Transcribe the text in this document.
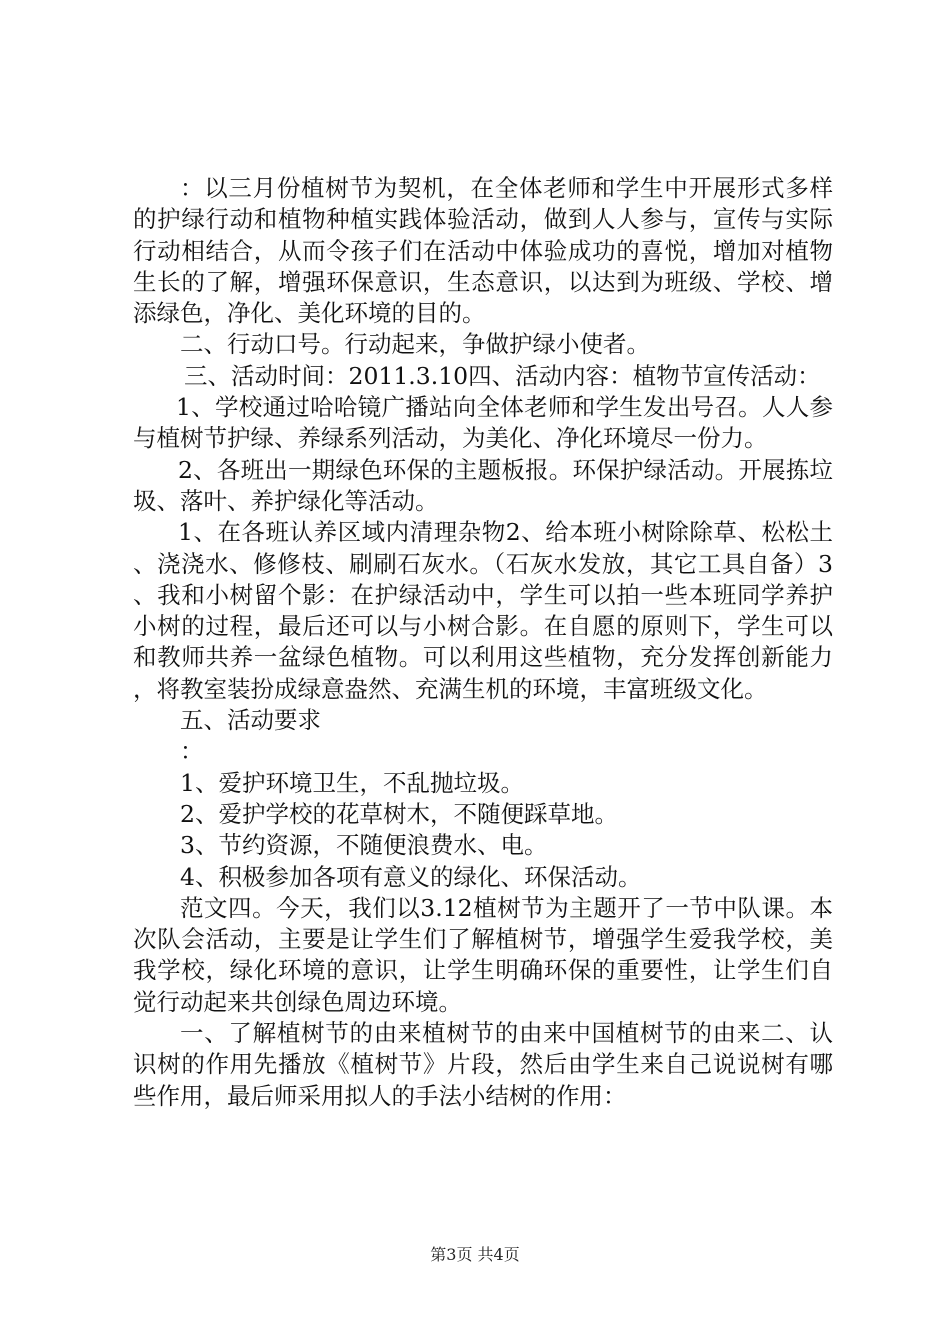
：以三月份植树节为契机，在全体老师和学生中开展形式多样的护绿行动和植物种植实践体验活动，做到人人参与，宣传与实际行动相结合，从而令孩子们在活动中体验成功的喜悦，增加对植物生长的了解，增强环保意识，生态意识，以达到为班级、学校、增添绿色，净化、美化环境的目的。

二、行动口号。行动起来，争做护绿小使者。

三、活动时间：2011.3.10四、活动内容：植物节宣传活动：

1、学校通过哈哈镜广播站向全体老师和学生发出号召。人人参与植树节护绿、养绿系列活动，为美化、净化环境尽一份力。

2、各班出一期绿色环保的主题板报。环保护绿活动。开展拣垃圾、落叶、养护绿化等活动。

1、在各班认养区域内清理杂物2、给本班小树除除草、松松土、浇浇水、修修枝、刷刷石灰水。（石灰水发放，其它工具自备）3、我和小树留个影：在护绿活动中，学生可以拍一些本班同学养护小树的过程，最后还可以与小树合影。在自愿的原则下，学生可以和教师共养一盆绿色植物。可以利用这些植物，充分发挥创新能力，将教室装扮成绿意盎然、充满生机的环境，丰富班级文化。

五、活动要求

：

1、爱护环境卫生，不乱抛垃圾。

2、爱护学校的花草树木，不随便踩草地。

3、节约资源，不随便浪费水、电。

4、积极参加各项有意义的绿化、环保活动。

范文四。今天，我们以3.12植树节为主题开了一节中队课。本次队会活动，主要是让学生们了解植树节，增强学生爱我学校，美我学校，绿化环境的意识，让学生明确环保的重要性，让学生们自觉行动起来共创绿色周边环境。

一、了解植树节的由来植树节的由来中国植树节的由来二、认识树的作用先播放《植树节》片段，然后由学生来自己说说树有哪些作用，最后师采用拟人的手法小结树的作用：

第3页 共4页
